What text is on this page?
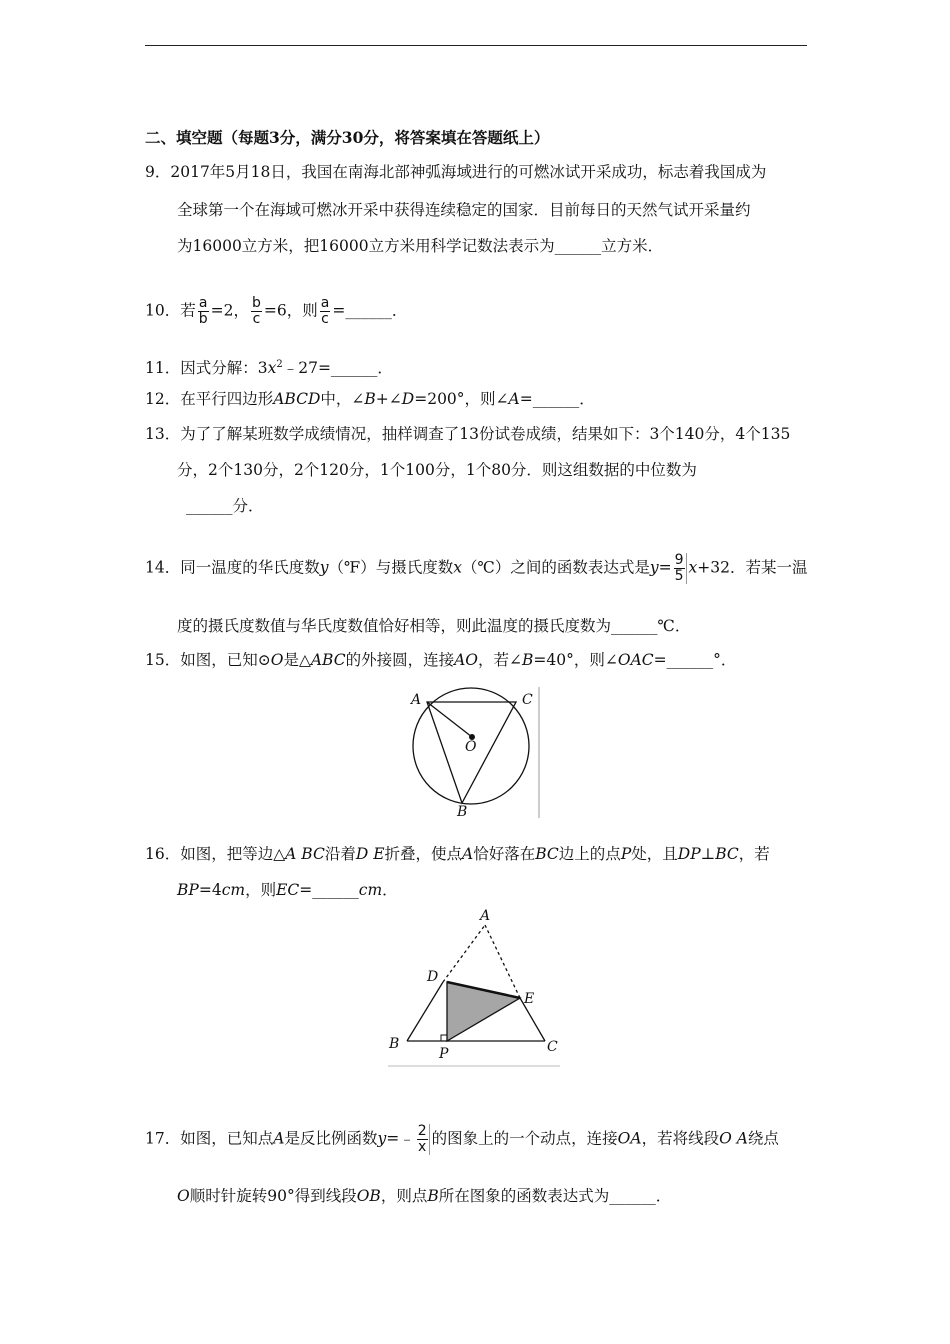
二、填空题（每题3分，满分30分，将答案填在答题纸上）
9．2017年5月18日，我国在南海北部神弧海域进行的可燃冰试开采成功，标志着我国成为
全球第一个在海域可燃冰开采中获得连续稳定的国家．目前每日的天然气试开采量约
为16000立方米，把16000立方米用科学记数法表示为______立方米．
10．若 $\frac{a}{b} =2$， $\frac{b}{c} =6$，则 $\frac{a}{c}$ =______．
11．因式分解：$3x^2﹣27=\_\_\_\_\_\_$．
12．在平行四边形ABCD中，∠B+∠D=200°，则∠A=______．
13．为了了解某班数学成绩情况，抽样调查了13份试卷成绩，结果如下：3个140分，4个135
分，2个130分，2个120分，1个100分，1个80分．则这组数据的中位数为
______分．
14．同一温度的华氏度数y（℉）与摄氏度数x（℃）之间的函数表达式是$y= \frac{9}{5} x+32$．若某一温
度的摄氏度数值与华氏度数值恰好相等，则此温度的摄氏度数为______℃．
15．如图，已知⊙O是△ABC的外接圆，连接AO，若∠B=40°，则∠OAC=______°．
A	C
O
B
16．如图，把等边△A BC沿着D E折叠，使点A恰好落在BC边上的点P处，且DP⊥BC，若
BP=4cm，则EC=______cm．
A
D
E
B
P	C
17．如图，已知点A是反比例函数y=﹣ $\frac{2}{x}$ 的图象上的一个动点，连接OA，若将线段O A绕点
O顺时针旋转90°得到线段OB，则点B所在图象的函数表达式为______．
